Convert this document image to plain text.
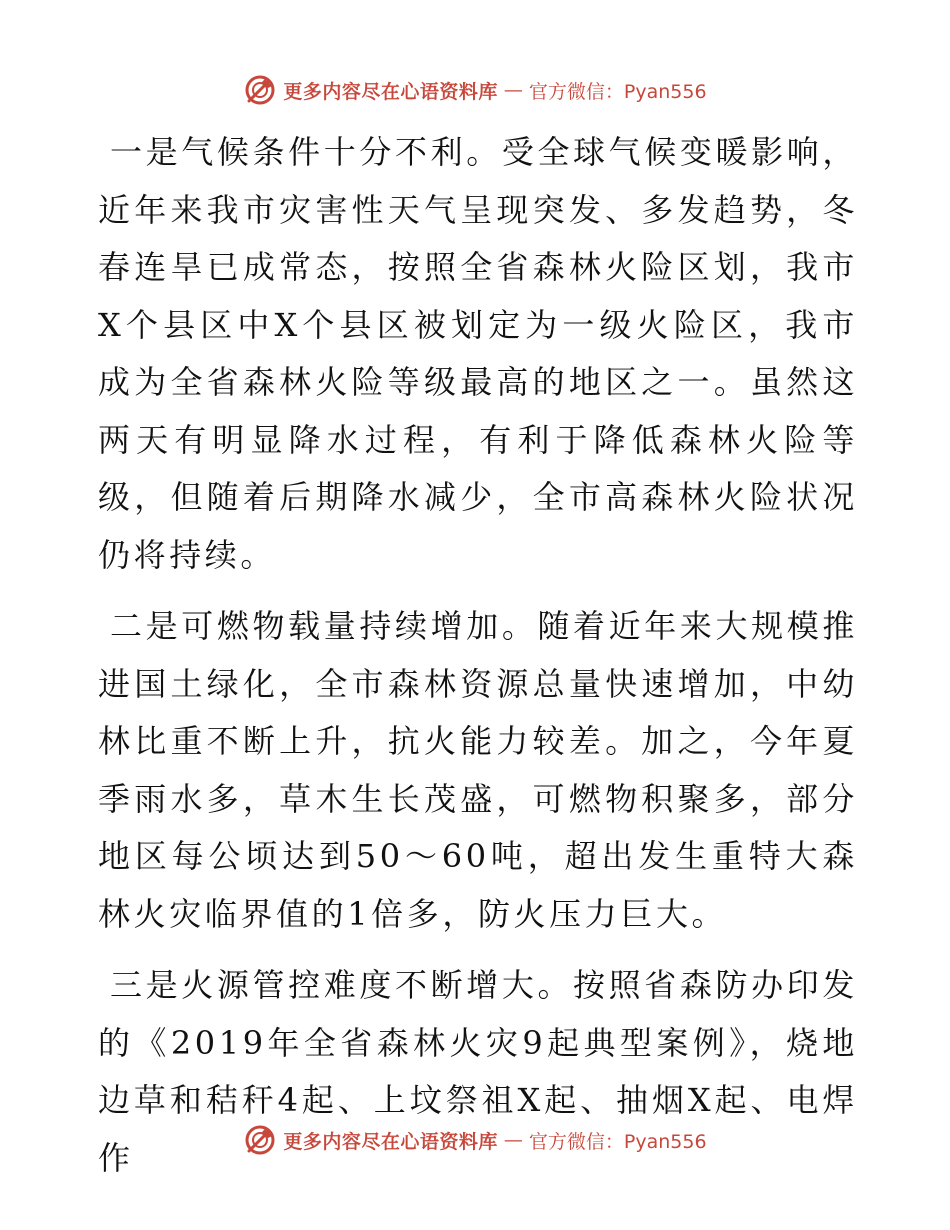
更多内容尽在心语资料库 — 官方微信：Pyan556

一是气候条件十分不利。受全球气候变暖影响，近年来我市灾害性天气呈现突发、多发趋势，冬春连旱已成常态，按照全省森林火险区划，我市X个县区中X个县区被划定为一级火险区，我市成为全省森林火险等级最高的地区之一。虽然这两天有明显降水过程，有利于降低森林火险等级，但随着后期降水减少，全市高森林火险状况仍将持续。

二是可燃物载量持续增加。随着近年来大规模推进国土绿化，全市森林资源总量快速增加，中幼林比重不断上升，抗火能力较差。加之，今年夏季雨水多，草木生长茂盛，可燃物积聚多，部分地区每公顷达到50～60吨，超出发生重特大森林火灾临界值的1倍多，防火压力巨大。

三是火源管控难度不断增大。按照省森防办印发的《2019年全省森林火灾9起典型案例》，烧地边草和秸秆4起、上坟祭祖X起、抽烟X起、电焊作	更多内容尽在心语资料库 — 官方微信：Pyan556
